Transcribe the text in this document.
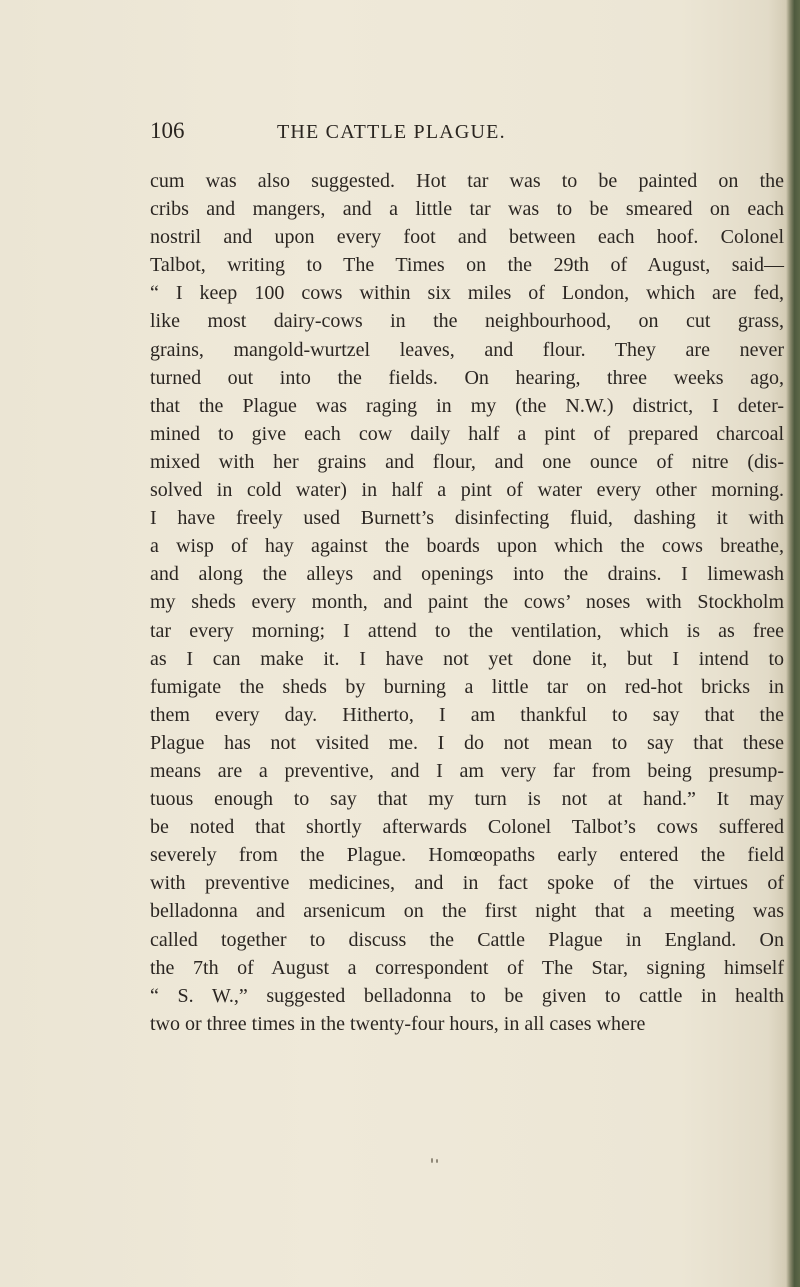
106	THE CATTLE PLAGUE.
cum was also suggested. Hot tar was to be painted on the
cribs and mangers, and a little tar was to be smeared on each
nostril and upon every foot and between each hoof. Colonel
Talbot, writing to The Times on the 29th of August, said—
“ I keep 100 cows within six miles of London, which are fed,
like most dairy-cows in the neighbourhood, on cut grass,
grains, mangold-wurtzel leaves, and flour. They are never
turned out into the fields. On hearing, three weeks ago,
that the Plague was raging in my (the N.W.) district, I deter-
mined to give each cow daily half a pint of prepared charcoal
mixed with her grains and flour, and one ounce of nitre (dis-
solved in cold water) in half a pint of water every other morning.
I have freely used Burnett’s disinfecting fluid, dashing it with
a wisp of hay against the boards upon which the cows breathe,
and along the alleys and openings into the drains. I limewash
my sheds every month, and paint the cows’ noses with Stockholm
tar every morning; I attend to the ventilation, which is as free
as I can make it. I have not yet done it, but I intend to
fumigate the sheds by burning a little tar on red-hot bricks in
them every day. Hitherto, I am thankful to say that the
Plague has not visited me. I do not mean to say that these
means are a preventive, and I am very far from being presump-
tuous enough to say that my turn is not at hand.” It may
be noted that shortly afterwards Colonel Talbot’s cows suffered
severely from the Plague. Homœopaths early entered the field
with preventive medicines, and in fact spoke of the virtues of
belladonna and arsenicum on the first night that a meeting was
called together to discuss the Cattle Plague in England. On
the 7th of August a correspondent of The Star, signing himself
“ S. W.,” suggested belladonna to be given to cattle in health
two or three times in the twenty-four hours, in all cases where
